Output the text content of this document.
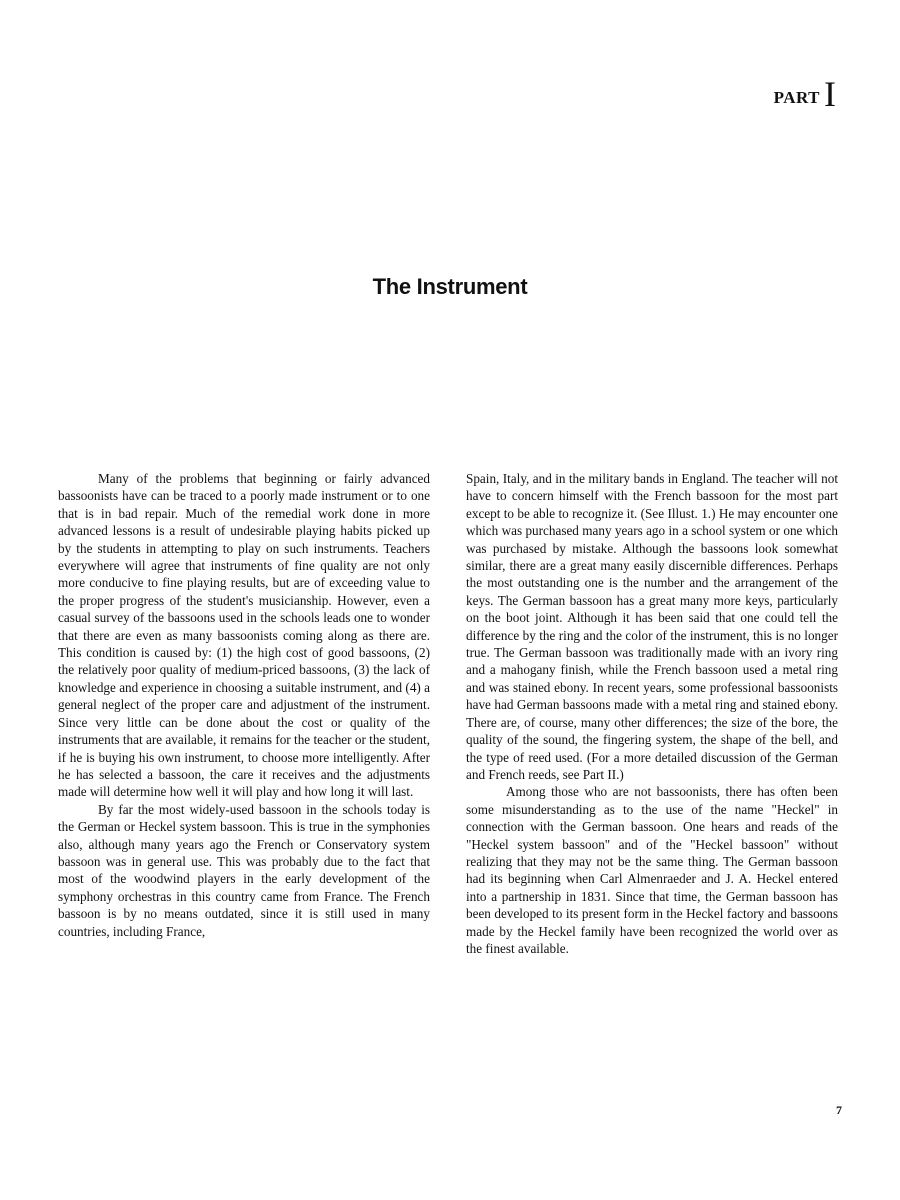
PART I
The Instrument

Many of the problems that beginning or fairly advanced bassoonists have can be traced to a poorly made instrument or to one that is in bad repair. Much of the remedial work done in more advanced lessons is a result of undesirable playing habits picked up by the students in attempting to play on such instruments. Teachers everywhere will agree that instruments of fine quality are not only more conducive to fine playing results, but are of exceeding value to the proper progress of the student's musicianship. However, even a casual survey of the bassoons used in the schools leads one to wonder that there are even as many bassoonists coming along as there are. This condition is caused by: (1) the high cost of good bassoons, (2) the relatively poor quality of medium-priced bassoons, (3) the lack of knowledge and experience in choosing a suitable instrument, and (4) a general neglect of the proper care and adjustment of the instrument. Since very little can be done about the cost or quality of the instruments that are available, it remains for the teacher or the student, if he is buying his own instrument, to choose more intelligently. After he has selected a bassoon, the care it receives and the adjustments made will determine how well it will play and how long it will last.

By far the most widely-used bassoon in the schools today is the German or Heckel system bassoon. This is true in the symphonies also, although many years ago the French or Conservatory system bassoon was in general use. This was probably due to the fact that most of the woodwind players in the early development of the symphony orchestras in this country came from France. The French bassoon is by no means outdated, since it is still used in many countries, including France,

Spain, Italy, and in the military bands in England. The teacher will not have to concern himself with the French bassoon for the most part except to be able to recognize it. (See Illust. 1.) He may encounter one which was purchased many years ago in a school system or one which was purchased by mistake. Although the bassoons look somewhat similar, there are a great many easily discernible differences. Perhaps the most outstanding one is the number and the arrangement of the keys. The German bassoon has a great many more keys, particularly on the boot joint. Although it has been said that one could tell the difference by the ring and the color of the instrument, this is no longer true. The German bassoon was traditionally made with an ivory ring and a mahogany finish, while the French bassoon used a metal ring and was stained ebony. In recent years, some professional bassoonists have had German bassoons made with a metal ring and stained ebony. There are, of course, many other differences; the size of the bore, the quality of the sound, the fingering system, the shape of the bell, and the type of reed used. (For a more detailed discussion of the German and French reeds, see Part II.)

Among those who are not bassoonists, there has often been some misunderstanding as to the use of the name "Heckel" in connection with the German bassoon. One hears and reads of the "Heckel system bassoon" and of the "Heckel bassoon" without realizing that they may not be the same thing. The German bassoon had its beginning when Carl Almenraeder and J. A. Heckel entered into a partnership in 1831. Since that time, the German bassoon has been developed to its present form in the Heckel factory and bassoons made by the Heckel family have been recognized the world over as the finest available.

7
